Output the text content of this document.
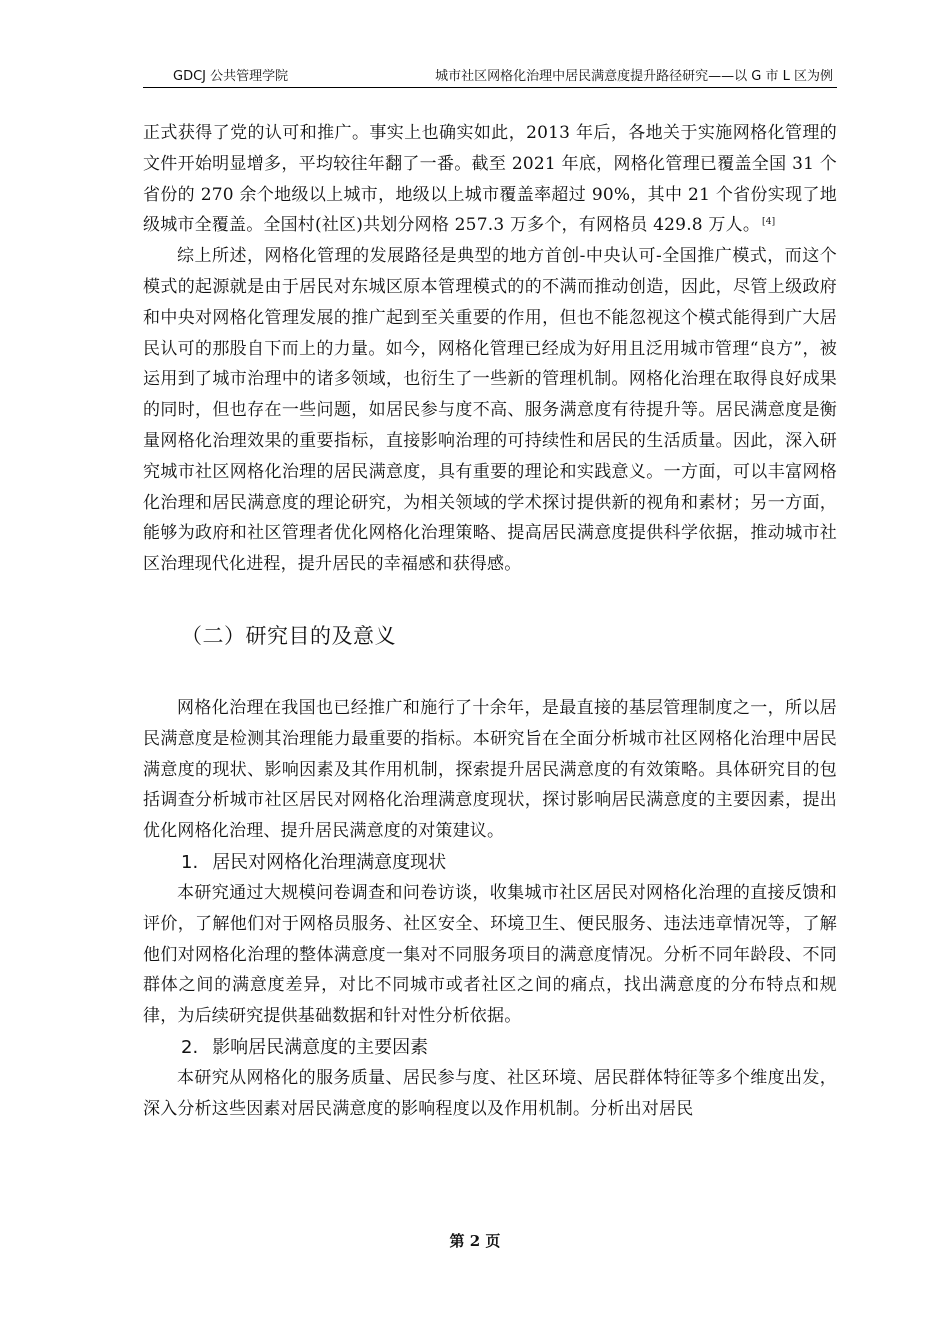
GDCJ 公共管理学院	城市社区网格化治理中居民满意度提升路径研究——以 G 市 L 区为例

正式获得了党的认可和推广。事实上也确实如此，2013 年后，各地关于实施网格化管理的文件开始明显增多，平均较往年翻了一番。截至 2021 年底，网格化管理已覆盖全国 31 个省份的 270 余个地级以上城市，地级以上城市覆盖率超过 90%，其中 21 个省份实现了地级城市全覆盖。全国村(社区)共划分网格 257.3 万多个，有网格员 429.8 万人。 [4]

综上所述，网格化管理的发展路径是典型的地方首创-中央认可-全国推广模式，而这个模式的起源就是由于居民对东城区原本管理模式的的不满而推动创造，因此，尽管上级政府和中央对网格化管理发展的推广起到至关重要的作用，但也不能忽视这个模式能得到广大居民认可的那股自下而上的力量。如今，网格化管理已经成为好用且泛用城市管理“良方”，被运用到了城市治理中的诸多领域，也衍生了一些新的管理机制。网格化治理在取得良好成果的同时，但也存在一些问题，如居民参与度不高、服务满意度有待提升等。居民满意度是衡量网格化治理效果的重要指标，直接影响治理的可持续性和居民的生活质量。因此，深入研究城市社区网格化治理的居民满意度，具有重要的理论和实践意义。一方面，可以丰富网格化治理和居民满意度的理论研究，为相关领域的学术探讨提供新的视角和素材；另一方面，能够为政府和社区管理者优化网格化治理策略、提高居民满意度提供科学依据，推动城市社区治理现代化进程，提升居民的幸福感和获得感。

（二）研究目的及意义

网格化治理在我国也已经推广和施行了十余年，是最直接的基层管理制度之一，所以居民满意度是检测其治理能力最重要的指标。本研究旨在全面分析城市社区网格化治理中居民满意度的现状、影响因素及其作用机制，探索提升居民满意度的有效策略。具体研究目的包括调查分析城市社区居民对网格化治理满意度现状，探讨影响居民满意度的主要因素，提出优化网格化治理、提升居民满意度的对策建议。

1. 居民对网格化治理满意度现状

本研究通过大规模问卷调查和问卷访谈，收集城市社区居民对网格化治理的直接反馈和评价，了解他们对于网格员服务、社区安全、环境卫生、便民服务、违法违章情况等，了解他们对网格化治理的整体满意度一集对不同服务项目的满意度情况。分析不同年龄段、不同群体之间的满意度差异，对比不同城市或者社区之间的痛点，找出满意度的分布特点和规律，为后续研究提供基础数据和针对性分析依据。

2. 影响居民满意度的主要因素

本研究从网格化的服务质量、居民参与度、社区环境、居民群体特征等多个维度出发，深入分析这些因素对居民满意度的影响程度以及作用机制。分析出对居民

第 2 页
